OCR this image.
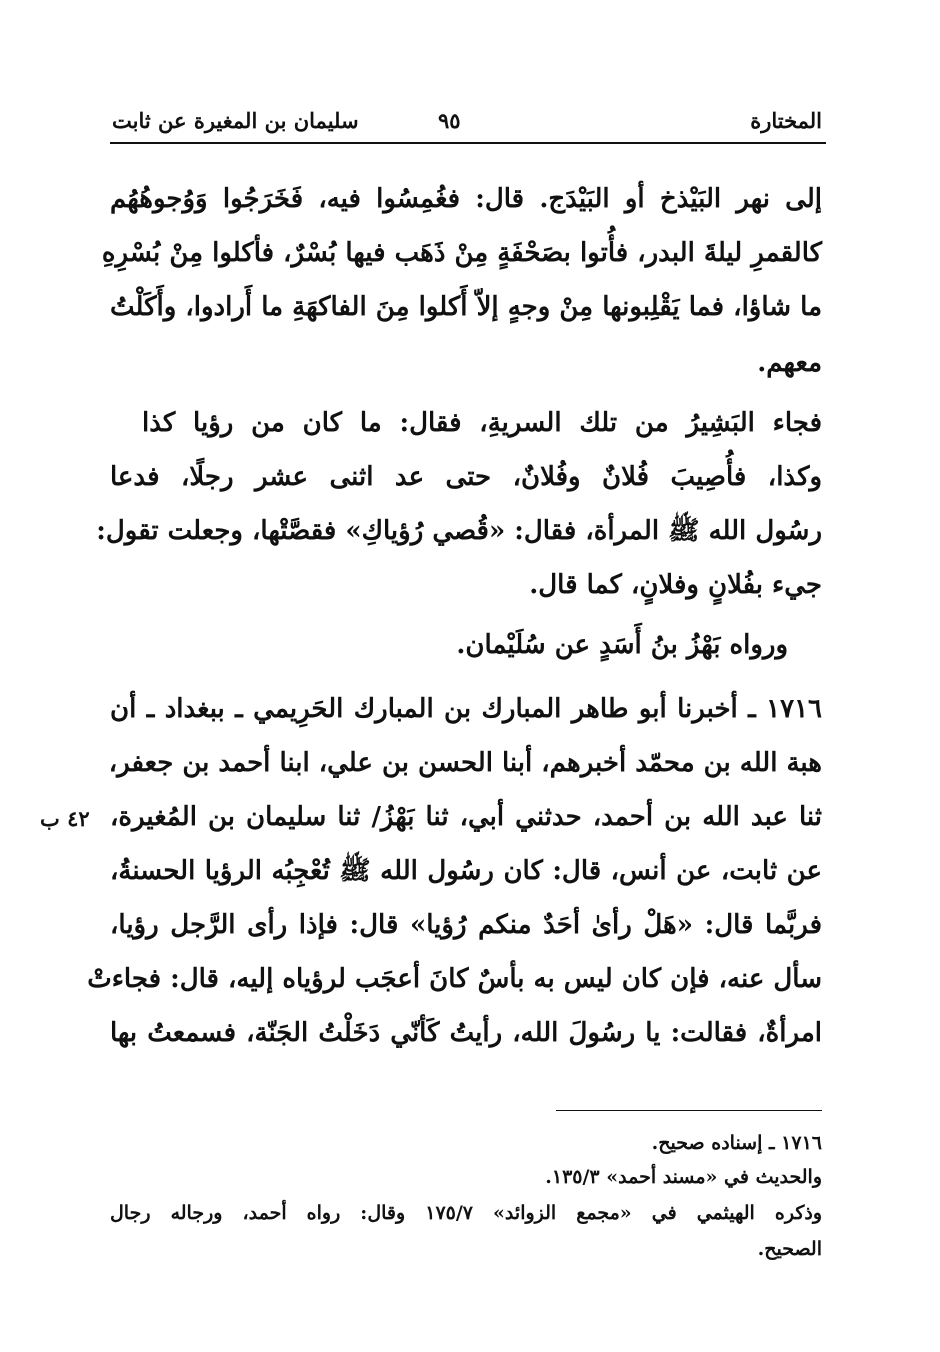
المختارة
٩٥
سليمان بن المغيرة عن ثابت
إلى نهر البَيْذخ أو البَيْدَج. قال: فغُمِسُوا فيه، فَخَرَجُوا وَوُجوهُهُم
كالقمرِ ليلةَ البدر، فأُتوا بصَحْفَةٍ مِنْ ذَهَب فيها بُسْرٌ، فأكلوا مِنْ بُسْرِهِ
ما شاؤا، فما يَقْلِبونها مِنْ وجهٍ إلاّ أَكلوا مِنَ الفاكهَةِ ما أَرادوا، وأَكَلْتُ
معهم.
فجاء البَشِيرُ من تلك السريةِ، فقال: ما كان من رؤيا كذا
وكذا، فأُصِيبَ فُلانٌ وفُلانٌ، حتى عد اثنى عشر رجلًا، فدعا
رسُول الله ﷺ المرأة، فقال: «قُصي رُؤياكِ» فقصَّتْها، وجعلت تقول:
جيء بفُلانٍ وفلانٍ، كما قال.
ورواه بَهْزُ بنُ أَسَدٍ عن سُلَيْمان.
١٧١٦ ـ أخبرنا أبو طاهر المبارك بن المبارك الحَرِيمي ـ ببغداد ـ أن
هبة الله بن محمّد أخبرهم، أبنا الحسن بن علي، ابنا أحمد بن جعفر،
ثنا عبد الله بن أحمد، حدثني أبي، ثنا بَهْزُ/ ثنا سليمان بن المُغيرة،
عن ثابت، عن أنس، قال: كان رسُول الله ﷺ تُعْجِبُه الرؤيا الحسنةُ،
فربَّما قال: «هَلْ رأىٰ أحَدٌ منكم رُؤيا» قال: فإذا رأى الرَّجل رؤيا،
سأل عنه، فإن كان ليس به بأسٌ كانَ أعجَب لرؤياه إليه، قال: فجاءتْ
امرأةٌ، فقالت: يا رسُولَ الله، رأيتُ كَأنّي دَخَلْتُ الجَنّة، فسمعتُ بها
٤٢ ب
١٧١٦ ـ إسناده صحيح.
والحديث في «مسند أحمد» ١٣٥/٣.
وذكره الهيثمي في «مجمع الزوائد» ١٧٥/٧ وقال: رواه أحمد، ورجاله رجال
الصحيح.
